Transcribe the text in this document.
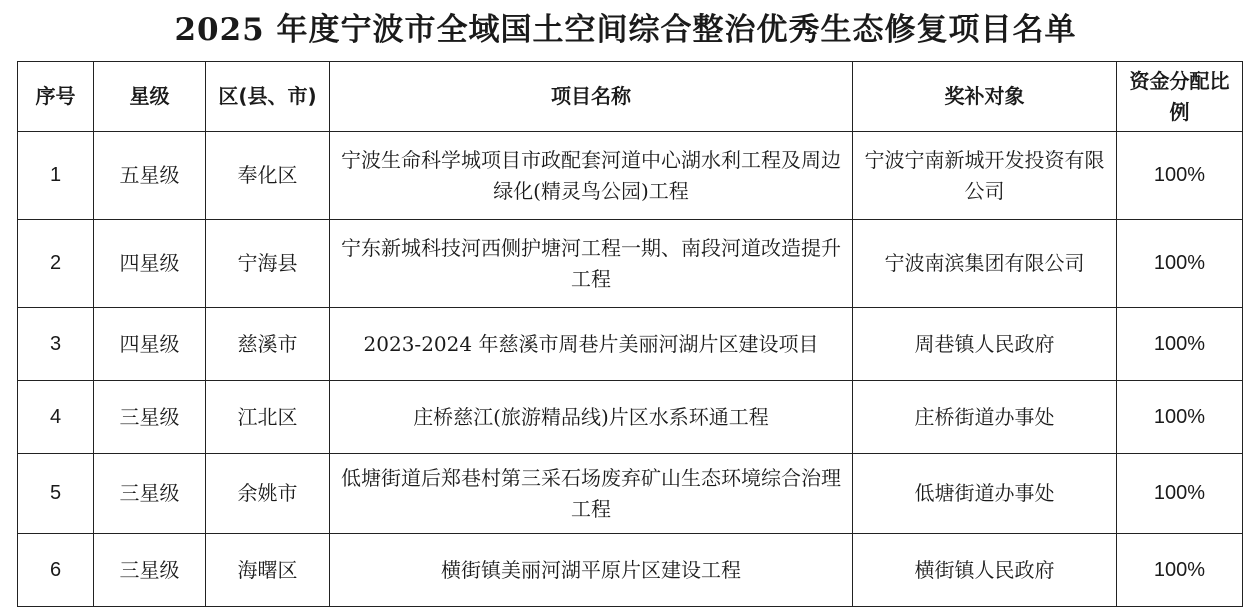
2025 年度宁波市全域国土空间综合整治优秀生态修复项目名单
序号	星级	区(县、市)	项目名称	奖补对象	资金分配比例
1	五星级	奉化区	宁波生命科学城项目市政配套河道中心湖水利工程及周边绿化(精灵鸟公园)工程	宁波宁南新城开发投资有限公司	100%
2	四星级	宁海县	宁东新城科技河西侧护塘河工程一期、南段河道改造提升工程	宁波南滨集团有限公司	100%
3	四星级	慈溪市	2023-2024 年慈溪市周巷片美丽河湖片区建设项目	周巷镇人民政府	100%
4	三星级	江北区	庄桥慈江(旅游精品线)片区水系环通工程	庄桥街道办事处	100%
5	三星级	余姚市	低塘街道后郑巷村第三采石场废弃矿山生态环境综合治理工程	低塘街道办事处	100%
6	三星级	海曙区	横街镇美丽河湖平原片区建设工程	横街镇人民政府	100%
